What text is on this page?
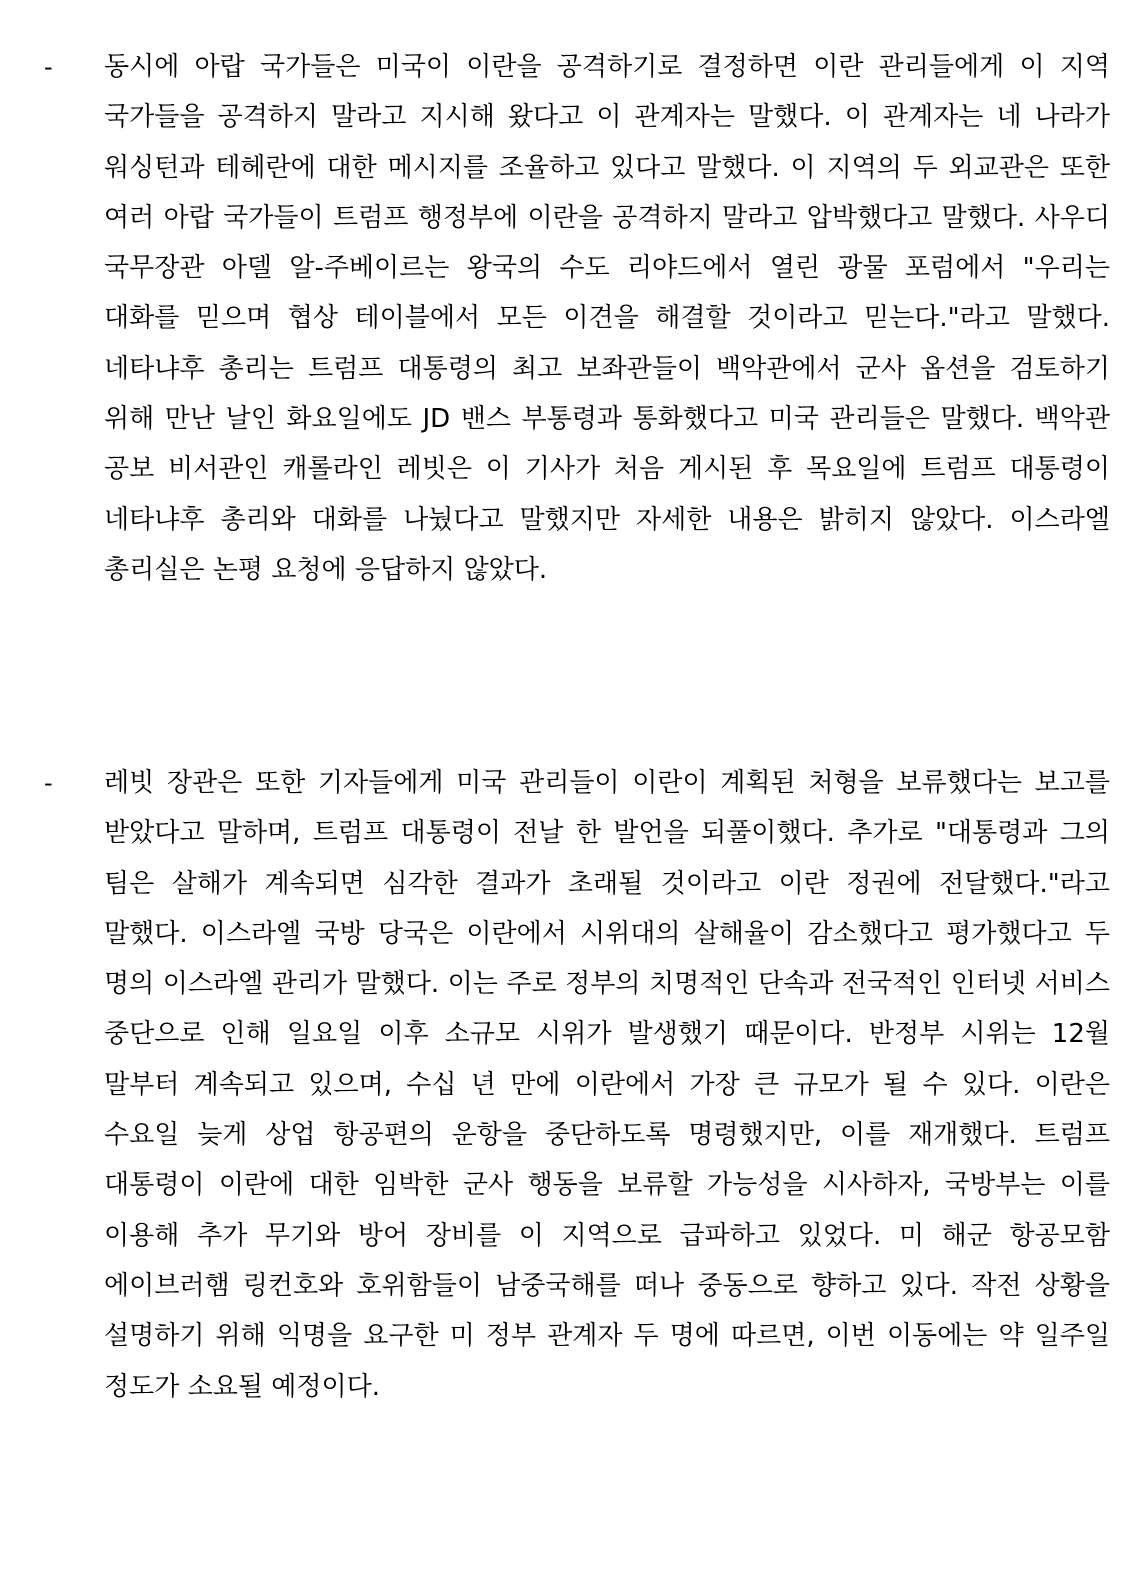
- 동시에 아랍 국가들은 미국이 이란을 공격하기로 결정하면 이란 관리들에게 이 지역 국가들을 공격하지 말라고 지시해 왔다고 이 관계자는 말했다. 이 관계자는 네 나라가 워싱턴과 테헤란에 대한 메시지를 조율하고 있다고 말했다. 이 지역의 두 외교관은 또한 여러 아랍 국가들이 트럼프 행정부에 이란을 공격하지 말라고 압박했다고 말했다. 사우디 국무장관 아델 알-주베이르는 왕국의 수도 리야드에서 열린 광물 포럼에서 "우리는 대화를 믿으며 협상 테이블에서 모든 이견을 해결할 것이라고 믿는다."라고 말했다. 네타냐후 총리는 트럼프 대통령의 최고 보좌관들이 백악관에서 군사 옵션을 검토하기 위해 만난 날인 화요일에도 JD 밴스 부통령과 통화했다고 미국 관리들은 말했다. 백악관 공보 비서관인 캐롤라인 레빗은 이 기사가 처음 게시된 후 목요일에 트럼프 대통령이 네타냐후 총리와 대화를 나눴다고 말했지만 자세한 내용은 밝히지 않았다. 이스라엘 총리실은 논평 요청에 응답하지 않았다.

- 레빗 장관은 또한 기자들에게 미국 관리들이 이란이 계획된 처형을 보류했다는 보고를 받았다고 말하며, 트럼프 대통령이 전날 한 발언을 되풀이했다. 추가로 "대통령과 그의 팀은 살해가 계속되면 심각한 결과가 초래될 것이라고 이란 정권에 전달했다."라고 말했다. 이스라엘 국방 당국은 이란에서 시위대의 살해율이 감소했다고 평가했다고 두 명의 이스라엘 관리가 말했다. 이는 주로 정부의 치명적인 단속과 전국적인 인터넷 서비스 중단으로 인해 일요일 이후 소규모 시위가 발생했기 때문이다. 반정부 시위는 12월 말부터 계속되고 있으며, 수십 년 만에 이란에서 가장 큰 규모가 될 수 있다. 이란은 수요일 늦게 상업 항공편의 운항을 중단하도록 명령했지만, 이를 재개했다. 트럼프 대통령이 이란에 대한 임박한 군사 행동을 보류할 가능성을 시사하자, 국방부는 이를 이용해 추가 무기와 방어 장비를 이 지역으로 급파하고 있었다. 미 해군 항공모함 에이브러햄 링컨호와 호위함들이 남중국해를 떠나 중동으로 향하고 있다. 작전 상황을 설명하기 위해 익명을 요구한 미 정부 관계자 두 명에 따르면, 이번 이동에는 약 일주일 정도가 소요될 예정이다.
